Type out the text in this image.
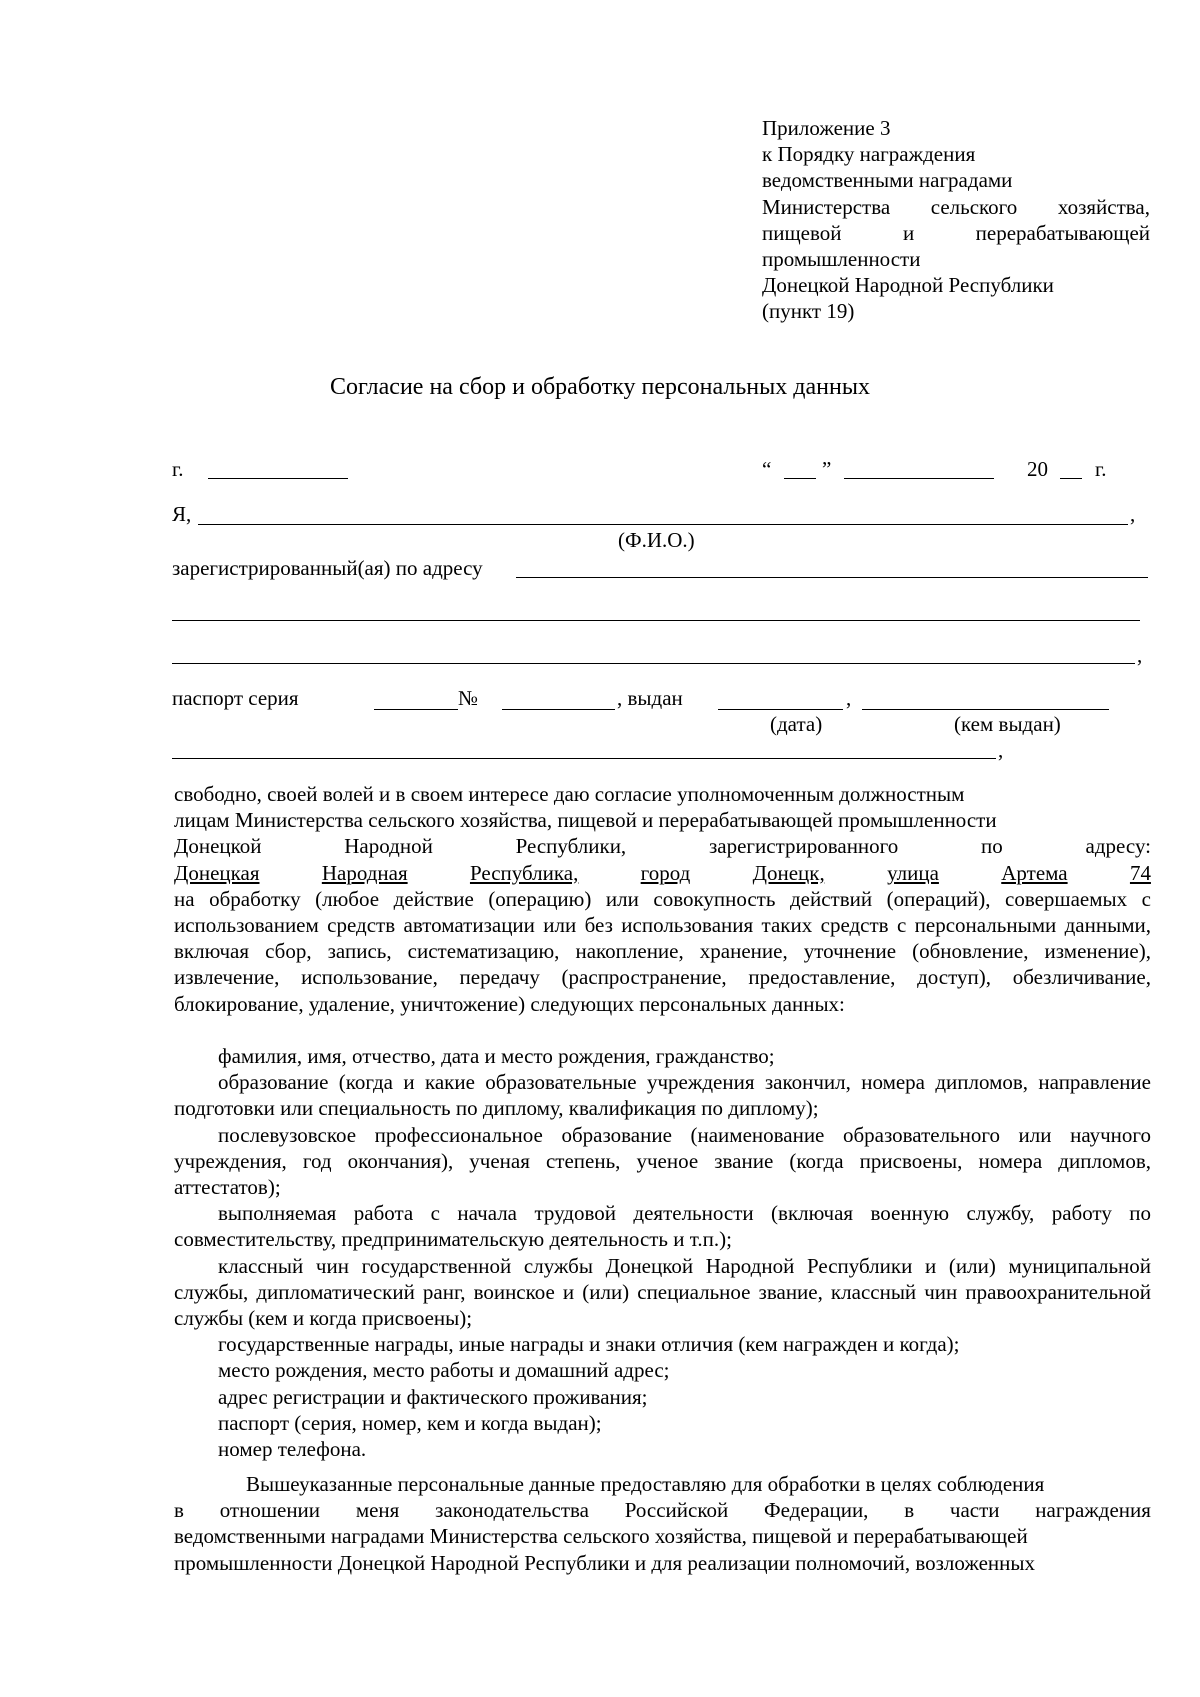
Приложение 3
к Порядку награждения
ведомственными наградами
Министерства сельского хозяйства,
пищевой	и	перерабатывающей
промышленности
Донецкой Народной Республики
(пункт 19)
Согласие на сбор и обработку персональных данных
г.	“ ”	20 г.
Я,	,
(Ф.И.О.)
зарегистрированный(ая) по адресу
,
паспорт серия	№	, выдан	,
(дата)	(кем выдан)
,
свободно, своей волей и в своем интересе даю согласие уполномоченным должностным
лицам Министерства сельского хозяйства, пищевой и перерабатывающей промышленности
Донецкой	Народной	Республики,	зарегистрированного	по	адресу:
Донецкая	Народная	Республика,	город	Донецк,	улица	Артема	74

на обработку (любое действие (операцию) или совокупность действий (операций), совершаемых с использованием средств автоматизации или без использования таких средств с персональными данными, включая сбор, запись, систематизацию, накопление, хранение, уточнение (обновление, изменение), извлечение, использование, передачу (распространение, предоставление, доступ), обезличивание, блокирование, удаление, уничтожение) следующих персональных данных:

фамилия, имя, отчество, дата и место рождения, гражданство;

образование (когда и какие образовательные учреждения закончил, номера дипломов, направление подготовки или специальность по диплому, квалификация по диплому);

послевузовское профессиональное образование (наименование образовательного или научного учреждения, год окончания), ученая степень, ученое звание (когда присвоены, номера дипломов, аттестатов);

выполняемая работа с начала трудовой деятельности (включая военную службу, работу по совместительству, предпринимательскую деятельность и т.п.);

классный чин государственной службы Донецкой Народной Республики и (или) муниципальной службы, дипломатический ранг, воинское и (или) специальное звание, классный чин правоохранительной службы (кем и когда присвоены);

государственные награды, иные награды и знаки отличия (кем награжден и когда);

место рождения, место работы и домашний адрес;

адрес регистрации и фактического проживания;

паспорт (серия, номер, кем и когда выдан);

номер телефона.

Вышеуказанные персональные данные предоставляю для обработки в целях соблюдения
в отношении меня законодательства Российской Федерации, в части награждения
ведомственными наградами Министерства сельского хозяйства, пищевой и перерабатывающей
промышленности Донецкой Народной Республики и для реализации полномочий, возложенных
